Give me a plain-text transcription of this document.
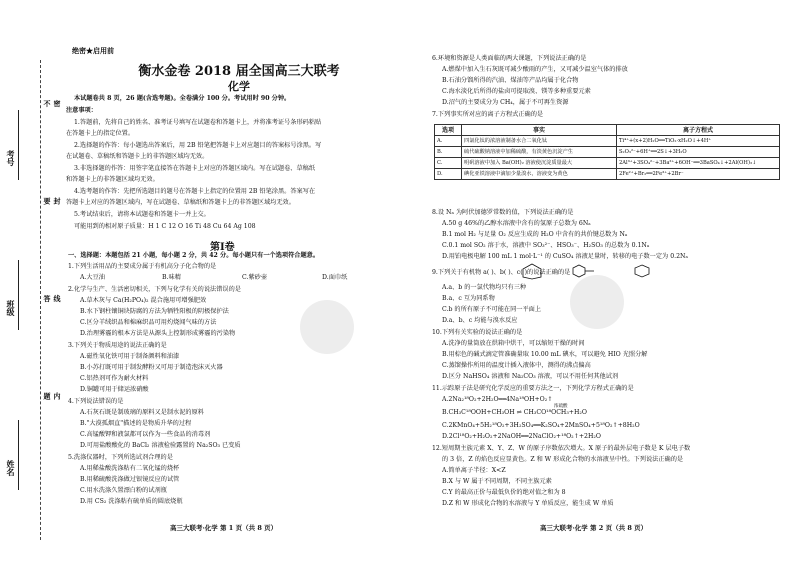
考号
班级
姓名
密 封 线 内 不 要 答 题
绝密★启用前
衡水金卷 2018 届全国高三大联考
化学
本试题卷共 8 页，26 题(含选考题)。全卷满分 100 分。考试用时 90 分钟。
注意事项：
1.答题前，先将自己的姓名、准考证号填写在试题卷和答题卡上，并将准考证号条形码粘贴
在答题卡上的指定位置。
2.选择题的作答：每小题选出答案后，用 2B 铅笔把答题卡上对应题目的答案标号涂黑。写
在试题卷、草稿纸和答题卡上的非答题区域均无效。
3.非选择题的作答：用签字笔直接答在答题卡上对应的答题区域内。写在试题卷、草稿纸
和答题卡上的非答题区域均无效。
4.选考题的作答：先把所选题目的题号在答题卡上指定的位置用 2B 铅笔涂黑。答案写在
答题卡上对应的答题区域内，写在试题卷、草稿纸和答题卡上的非答题区域均无效。
5.考试结束后，请将本试题卷和答题卡一并上交。
可能用到的相对原子质量：H 1 C 12 O 16 Ti 48 Cu 64 Ag 108
一、选择题：本题包括 21 小题，每小题 2 分，共 42 分。每小题只有一个选项符合题意。
1.下列生活用品的主要成分属于有机高分子化合物的是
A.大豆油	B.味精	C.紫砂壶	D.面巾纸
2.化学与生产、生活密切相关，下列与化学有关的说法错误的是
A.草木灰与 Ca(H₂PO₄)₂ 混合施用可增强肥效
B.水下钢柱镶铜块防腐的方法为牺牲阳极的阴极保护法
C.区分羊绒织品和棉麻织品可用灼烧闻气味的方法
D.治理雾霾的根本方法是从源头上控制形成雾霾的污染物
3.下列关于物质用途的说法正确的是
A.磁性氧化铁可用于制备颜料和油漆
B.小苏打既可用于制发酵粉又可用于制造泡沫灭火器
C.铝热剂可作为耐火材料
D.铜罐可用于储运浓硝酸
4.下列说法错误的是
A.石灰石既是制玻璃的原料又是制水泥的原料
B."大漠孤烟直"描述的是物质升华的过程
C.高锰酸钾和液氯都可以作为一些食品的消毒剂
D.可用盐酸酸化的 BaCl₂ 溶液检验露置的 Na₂SO₃ 已变质
5.洗涤仪器时，下列所选试剂合理的是
A.用稀盐酸洗涤粘有二氧化锰的烧杯
B.用稀硫酸洗涤做过银镜反应的试管
C.用水洗涤久置漂白粉的试剂瓶
D.用 CS₂ 洗涤粘有硫单质的圆底烧瓶
第Ⅰ卷
高三大联考·化学 第 1 页（共 8 页）
6.环境和资源是人类面临的两大课题，下列说法正确的是
A.燃煤中加入生石灰既可减少酸雨的产生，又可减少温室气体的排放
B.石油分馏所得的汽油、煤油等产品均属于化合物
C.海水淡化后所得的盐卤可提取溴、镁等多种重要元素
D.沼气的主要成分为 CH₄，属于不可再生资源
7.下列事实所对应的离子方程式正确的是
选项	事实	离子方程式
A.	四氯化钛的浓溶液制备水合二氧化钛	Ti⁴⁺+(x+2)H₂O══TiO₂·xH₂O↓+4H⁺
B.	硫代硫酸钠溶液中加稀硫酸，有淡黄色沉淀产生	S₂O₃²⁻+6H⁺══2S↓+3H₂O
C.	明矾溶液中加入 Ba(OH)₂ 溶液使沉淀质量最大	2Al³⁺+3SO₄²⁻+3Ba²⁺+6OH⁻══3BaSO₄↓+2Al(OH)₃↓
D.	碘化亚铁溶液中滴加少量溴水，溶液变为黄色	2Fe²⁺+Br₂══2Fe³⁺+2Br⁻
8.设 Nₐ 为阿伏加德罗常数的值，下列说法正确的是
A.50 g 46%的乙醇水溶液中含有的氢原子总数为 6Nₐ
B.1 mol H₂ 与足量 O₂ 反应生成的 H₂O 中含有的共价键总数为 Nₐ
C.0.1 mol SO₂ 溶于水，溶液中 SO₃²⁻、HSO₃⁻、H₂SO₃ 的总数为 0.1Nₐ
D.用铂电极电解 100 mL 1 mol·L⁻¹ 的 CuSO₄ 溶液足量时，转移的电子数一定为 0.2Nₐ
9.下列关于有机物 a( )、b( )、c( )的说法正确的是
A.a、b 的一氯代物均只有三种
B.a、c 互为同系物
C.b 的所有原子不可能在同一平面上
D.a、b、c 均能与溴水反应
10.下列有关实验的说法正确的是
A.洗净的量筒放在烘箱中烘干，可以缩短干燥的时间
B.用棕色的碱式滴定管准确量取 10.00 mL 碘水，可以避免 HIO 光照分解
C.蒸馏操作所用的温度计插入液体中，测得的沸点偏高
D.区分 NaHSO₄ 溶液和 Na₂CO₃ 溶液，可以不用任何其他试剂
11.示踪原子法是研究化学反应的重要方法之一，下列化学方程式正确的是
A.2Na₂¹⁸O₂+2H₂O══4Na¹⁸OH+O₂↑
浓硫酸
B.CH₃C¹⁸OOH+CH₃OH ⇌ CH₃CO¹⁸OCH₃+H₂O
C.2KMnO₄+5H₂¹⁸O₂+3H₂SO₄══K₂SO₄+2MnSO₄+5¹⁸O₂↑+8H₂O
D.2Cl¹⁸O₂+H₂O₂+2NaOH══2NaClO₂+¹⁸O₂↑+2H₂O
12.短周期主族元素 X、Y、Z、W 的原子序数依次增大。X 原子的最外层电子数是 K 层电子数
的 3 倍，Z 的焰色反应显黄色。Z 和 W 形成化合物的水溶液呈中性。下列说法正确的是
A.简单离子半径：X<Z
B.X 与 W 属于不同周期，不同主族元素
C.Y 的最高正价与最低负价的绝对值之和为 8
D.Z 和 W 形成化合物的水溶液与 Y 单质反应，能生成 W 单质
高三大联考·化学 第 2 页（共 8 页）
